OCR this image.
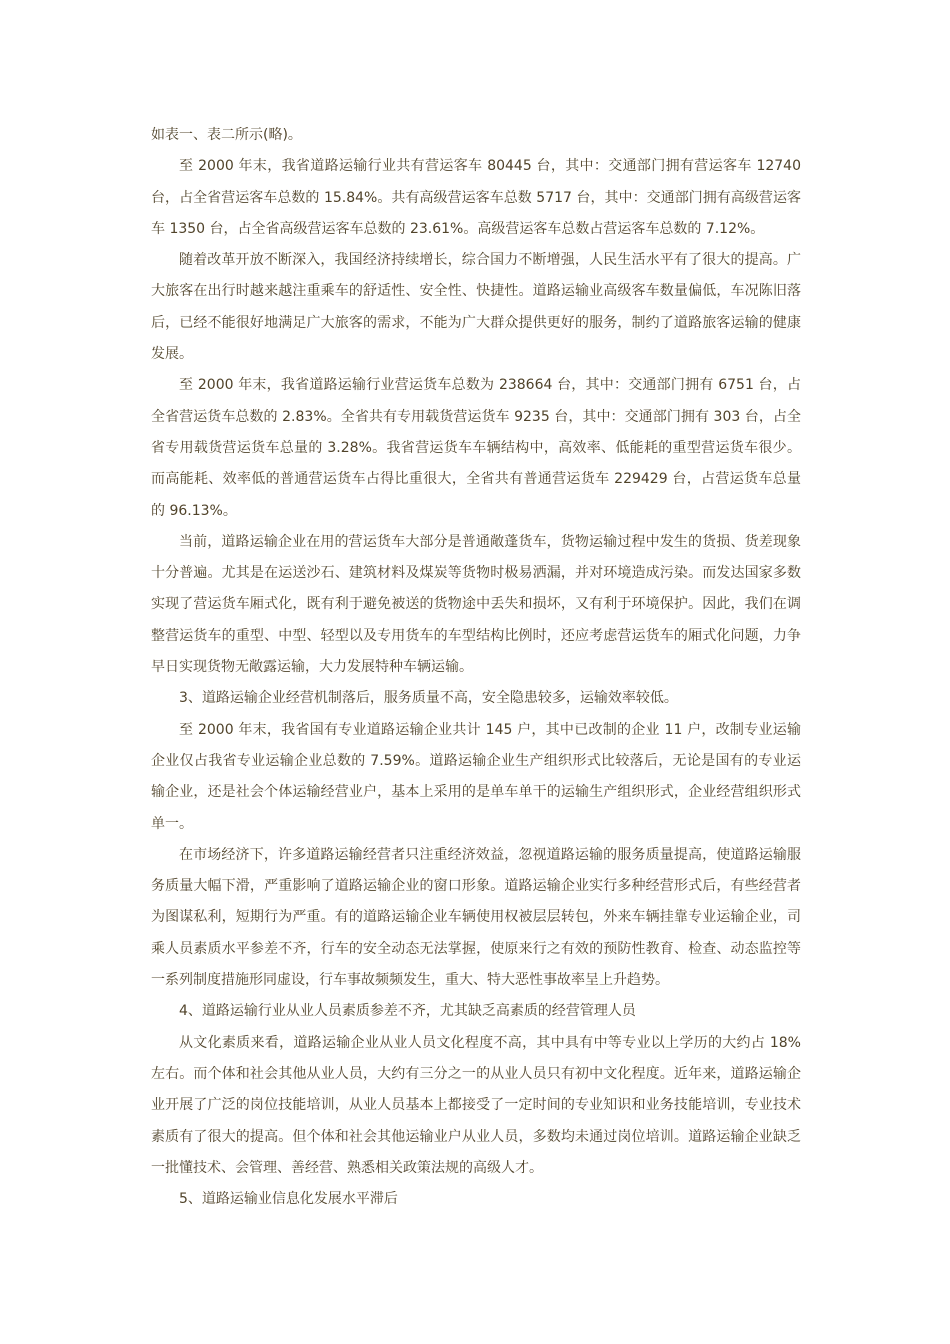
如表一、表二所示(略)。

至 2000 年末，我省道路运输行业共有营运客车 80445 台，其中：交通部门拥有营运客车 12740 台，占全省营运客车总数的 15.84%。共有高级营运客车总数 5717 台，其中：交通部门拥有高级营运客车 1350 台，占全省高级营运客车总数的 23.61%。高级营运客车总数占营运客车总数的 7.12%。

随着改革开放不断深入，我国经济持续增长，综合国力不断增强，人民生活水平有了很大的提高。广大旅客在出行时越来越注重乘车的舒适性、安全性、快捷性。道路运输业高级客车数量偏低，车况陈旧落后，已经不能很好地满足广大旅客的需求，不能为广大群众提供更好的服务，制约了道路旅客运输的健康发展。

至 2000 年末，我省道路运输行业营运货车总数为 238664 台，其中：交通部门拥有 6751 台，占全省营运货车总数的 2.83%。全省共有专用载货营运货车 9235 台，其中：交通部门拥有 303 台，占全省专用载货营运货车总量的 3.28%。我省营运货车车辆结构中，高效率、低能耗的重型营运货车很少。而高能耗、效率低的普通营运货车占得比重很大，全省共有普通营运货车 229429 台，占营运货车总量的 96.13%。

当前，道路运输企业在用的营运货车大部分是普通敞蓬货车，货物运输过程中发生的货损、货差现象十分普遍。尤其是在运送沙石、建筑材料及煤炭等货物时极易洒漏，并对环境造成污染。而发达国家多数实现了营运货车厢式化，既有利于避免被送的货物途中丢失和损坏，又有利于环境保护。因此，我们在调整营运货车的重型、中型、轻型以及专用货车的车型结构比例时，还应考虑营运货车的厢式化问题，力争早日实现货物无敞露运输，大力发展特种车辆运输。

3、道路运输企业经营机制落后，服务质量不高，安全隐患较多，运输效率较低。

至 2000 年末，我省国有专业道路运输企业共计 145 户，其中已改制的企业 11 户，改制专业运输企业仅占我省专业运输企业总数的 7.59%。道路运输企业生产组织形式比较落后，无论是国有的专业运输企业，还是社会个体运输经营业户，基本上采用的是单车单干的运输生产组织形式，企业经营组织形式单一。

在市场经济下，许多道路运输经营者只注重经济效益，忽视道路运输的服务质量提高，使道路运输服务质量大幅下滑，严重影响了道路运输企业的窗口形象。道路运输企业实行多种经营形式后，有些经营者为图谋私利，短期行为严重。有的道路运输企业车辆使用权被层层转包，外来车辆挂靠专业运输企业，司乘人员素质水平参差不齐，行车的安全动态无法掌握，使原来行之有效的预防性教育、检查、动态监控等一系列制度措施形同虚设，行车事故频频发生，重大、特大恶性事故率呈上升趋势。

4、道路运输行业从业人员素质参差不齐，尤其缺乏高素质的经营管理人员

从文化素质来看，道路运输企业从业人员文化程度不高，其中具有中等专业以上学历的大约占 18% 左右。而个体和社会其他从业人员，大约有三分之一的从业人员只有初中文化程度。近年来，道路运输企业开展了广泛的岗位技能培训，从业人员基本上都接受了一定时间的专业知识和业务技能培训，专业技术素质有了很大的提高。但个体和社会其他运输业户从业人员，多数均未通过岗位培训。道路运输企业缺乏一批懂技术、会管理、善经营、熟悉相关政策法规的高级人才。

5、道路运输业信息化发展水平滞后
